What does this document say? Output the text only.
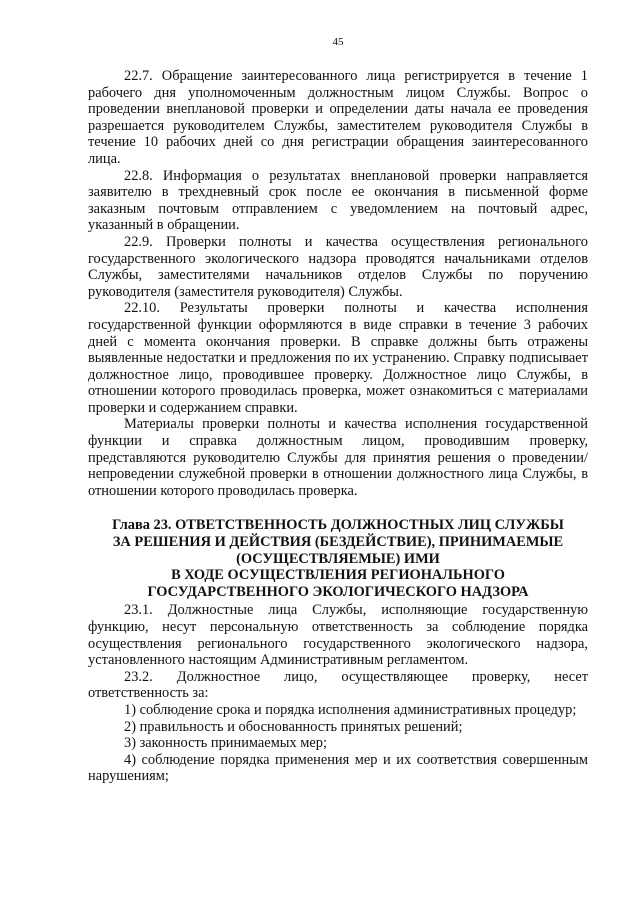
45

22.7. Обращение заинтересованного лица регистрируется в течение 1 рабочего дня уполномоченным должностным лицом Службы. Вопрос о проведении внеплановой проверки и определении даты начала ее проведения разрешается руководителем Службы, заместителем руководителя Службы в течение 10 рабочих дней со дня регистрации обращения заинтересованного лица.

22.8. Информация о результатах внеплановой проверки направляется заявителю в трехдневный срок после ее окончания в письменной форме заказным почтовым отправлением с уведомлением на почтовый адрес, указанный в обращении.

22.9. Проверки полноты и качества осуществления регионального государственного экологического надзора проводятся начальниками отделов Службы, заместителями начальников отделов Службы по поручению руководителя (заместителя руководителя) Службы.

22.10. Результаты проверки полноты и качества исполнения государственной функции оформляются в виде справки в течение 3 рабочих дней с момента окончания проверки. В справке должны быть отражены выявленные недостатки и предложения по их устранению. Справку подписывает должностное лицо, проводившее проверку. Должностное лицо Службы, в отношении которого проводилась проверка, может ознакомиться с материалами проверки и содержанием справки.

Материалы проверки полноты и качества исполнения государственной функции и справка должностным лицом, проводившим проверку, представляются руководителю Службы для принятия решения о проведении/непроведении служебной проверки в отношении должностного лица Службы, в отношении которого проводилась проверка.

Глава 23. ОТВЕТСТВЕННОСТЬ ДОЛЖНОСТНЫХ ЛИЦ СЛУЖБЫ
ЗА РЕШЕНИЯ И ДЕЙСТВИЯ (БЕЗДЕЙСТВИЕ), ПРИНИМАЕМЫЕ
(ОСУЩЕСТВЛЯЕМЫЕ) ИМИ
В ХОДЕ ОСУЩЕСТВЛЕНИЯ РЕГИОНАЛЬНОГО
ГОСУДАРСТВЕННОГО ЭКОЛОГИЧЕСКОГО НАДЗОРА

23.1. Должностные лица Службы, исполняющие государственную функцию, несут персональную ответственность за соблюдение порядка осуществления регионального государственного экологического надзора, установленного настоящим Административным регламентом.

23.2. Должностное лицо, осуществляющее проверку, несет ответственность за:

1) соблюдение срока и порядка исполнения административных процедур;

2) правильность и обоснованность принятых решений;

3) законность принимаемых мер;

4) соблюдение порядка применения мер и их соответствия совершенным нарушениям;
